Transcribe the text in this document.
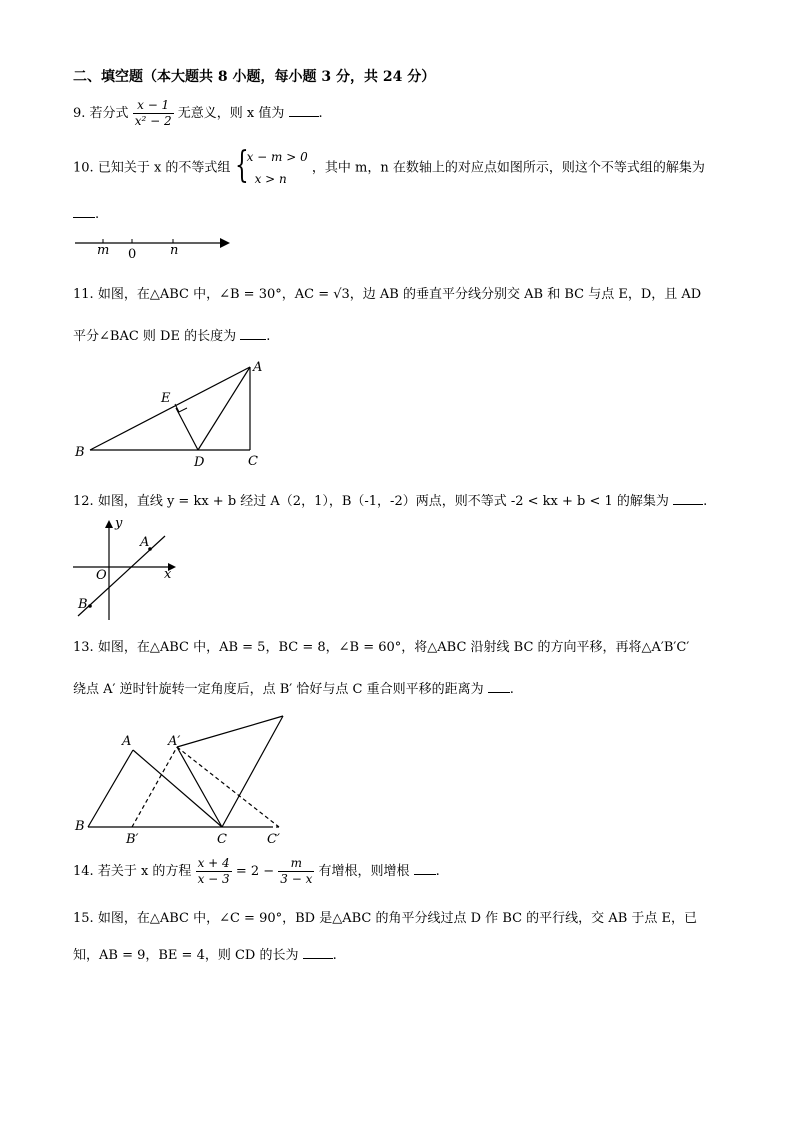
二、填空题（本大题共 8 小题，每小题 3 分，共 24 分）
9. 若分式 $\frac{x - 1}{\text{x² − 2}}$ 无意义，则 x 值为	.
10. 已知关于 x 的不等式组 {
x − m > 0
x > n
，其中 m，n 在数轴上的对应点如图所示，则这个不等式组的解集为
.
m 0	n
11. 如图，在△ABC 中，∠B = 30°，AC = √3，边 AB 的垂直平分线分别交 AB 和 BC 与点 E，D，且 AD
平分∠BAC 则 DE 的长度为 .
A
B
C
D
E
12. 如图，直线 y = kx + b 经过 A（2，1），B（-1，-2）两点，则不等式 -2 < kx + b < 1 的解集为	.
y
x
O
A
B
13. 如图，在△ABC 中，AB = 5，BC = 8，∠B = 60°，将△ABC 沿射线 BC 的方向平移，再将△A′B′C′
绕点 A′ 逆时针旋转一定角度后，点 B′ 恰好与点 C 重合则平移的距离为 .
A	A′
B
B′	C	C′
14. 若关于 x 的方程 $\frac{x + 4}{x - 3} = 2 - \frac{m}{3 - x}$ 有增根，则增根 .
15. 如图，在△ABC 中，∠C = 90°，BD 是△ABC 的角平分线过点 D 作 BC 的平行线，交 AB 于点 E，已
知，AB = 9，BE = 4，则 CD 的长为	.
